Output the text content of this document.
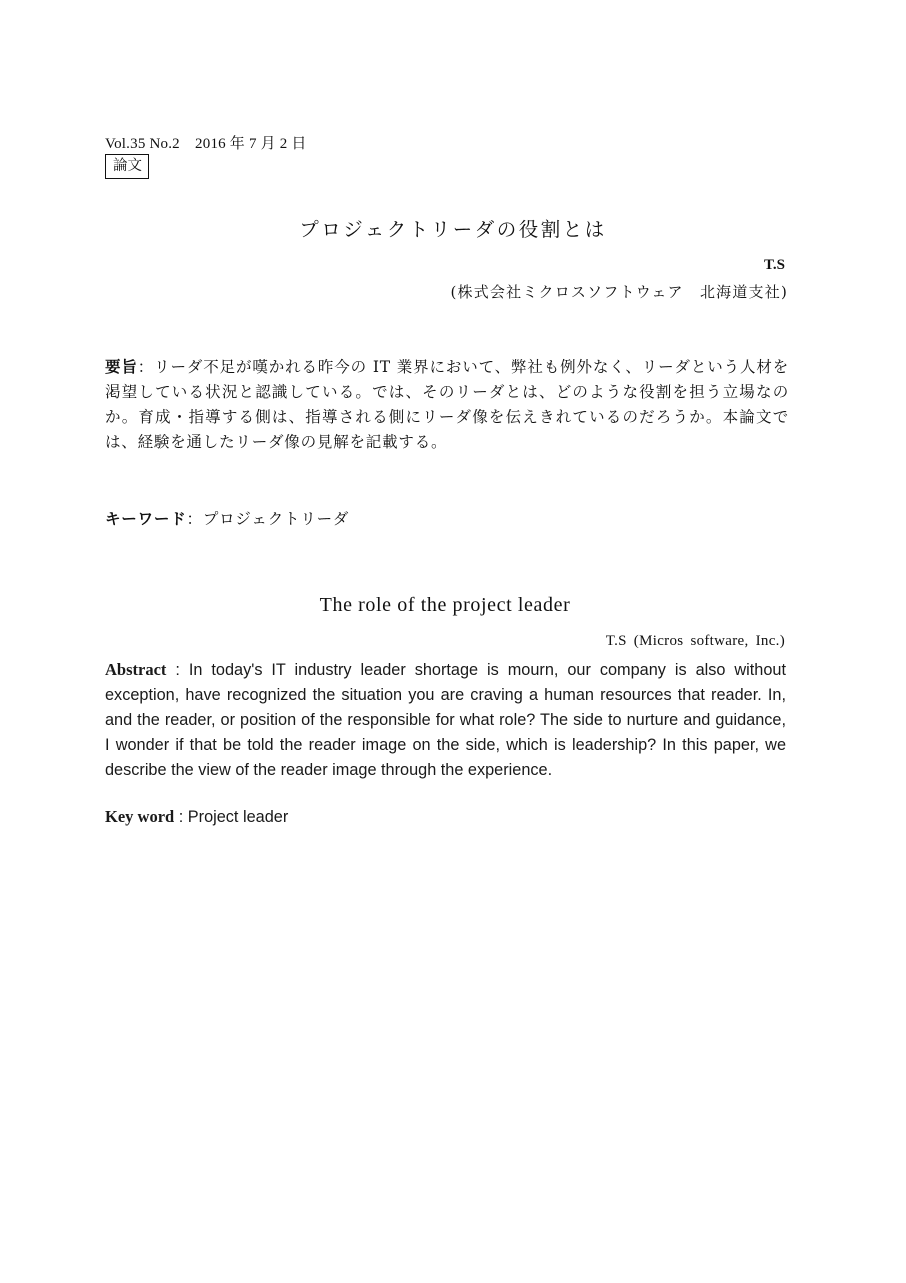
Vol.35 No.2　2016 年 7 月 2 日
論文
プロジェクトリーダの役割とは
T.S
(株式会社ミクロスソフトウェア　北海道支社)
要旨：リーダ不足が嘆かれる昨今の IT 業界において、弊社も例外なく、リーダという人材を渇望している状況と認識している。では、そのリーダとは、どのような役割を担う立場なのか。育成・指導する側は、指導される側にリーダ像を伝えきれているのだろうか。本論文では、経験を通したリーダ像の見解を記載する。
キーワード：プロジェクトリーダ
The role of the project leader
T.S (Micros software, Inc.)
Abstract : In today's IT industry leader shortage is mourn, our company is also without exception, have recognized the situation you are craving a human resources that reader. In, and the reader, or position of the responsible for what role? The side to nurture and guidance, I wonder if that be told the reader image on the side, which is leadership? In this paper, we describe the view of the reader image through the experience.
Key word : Project leader
